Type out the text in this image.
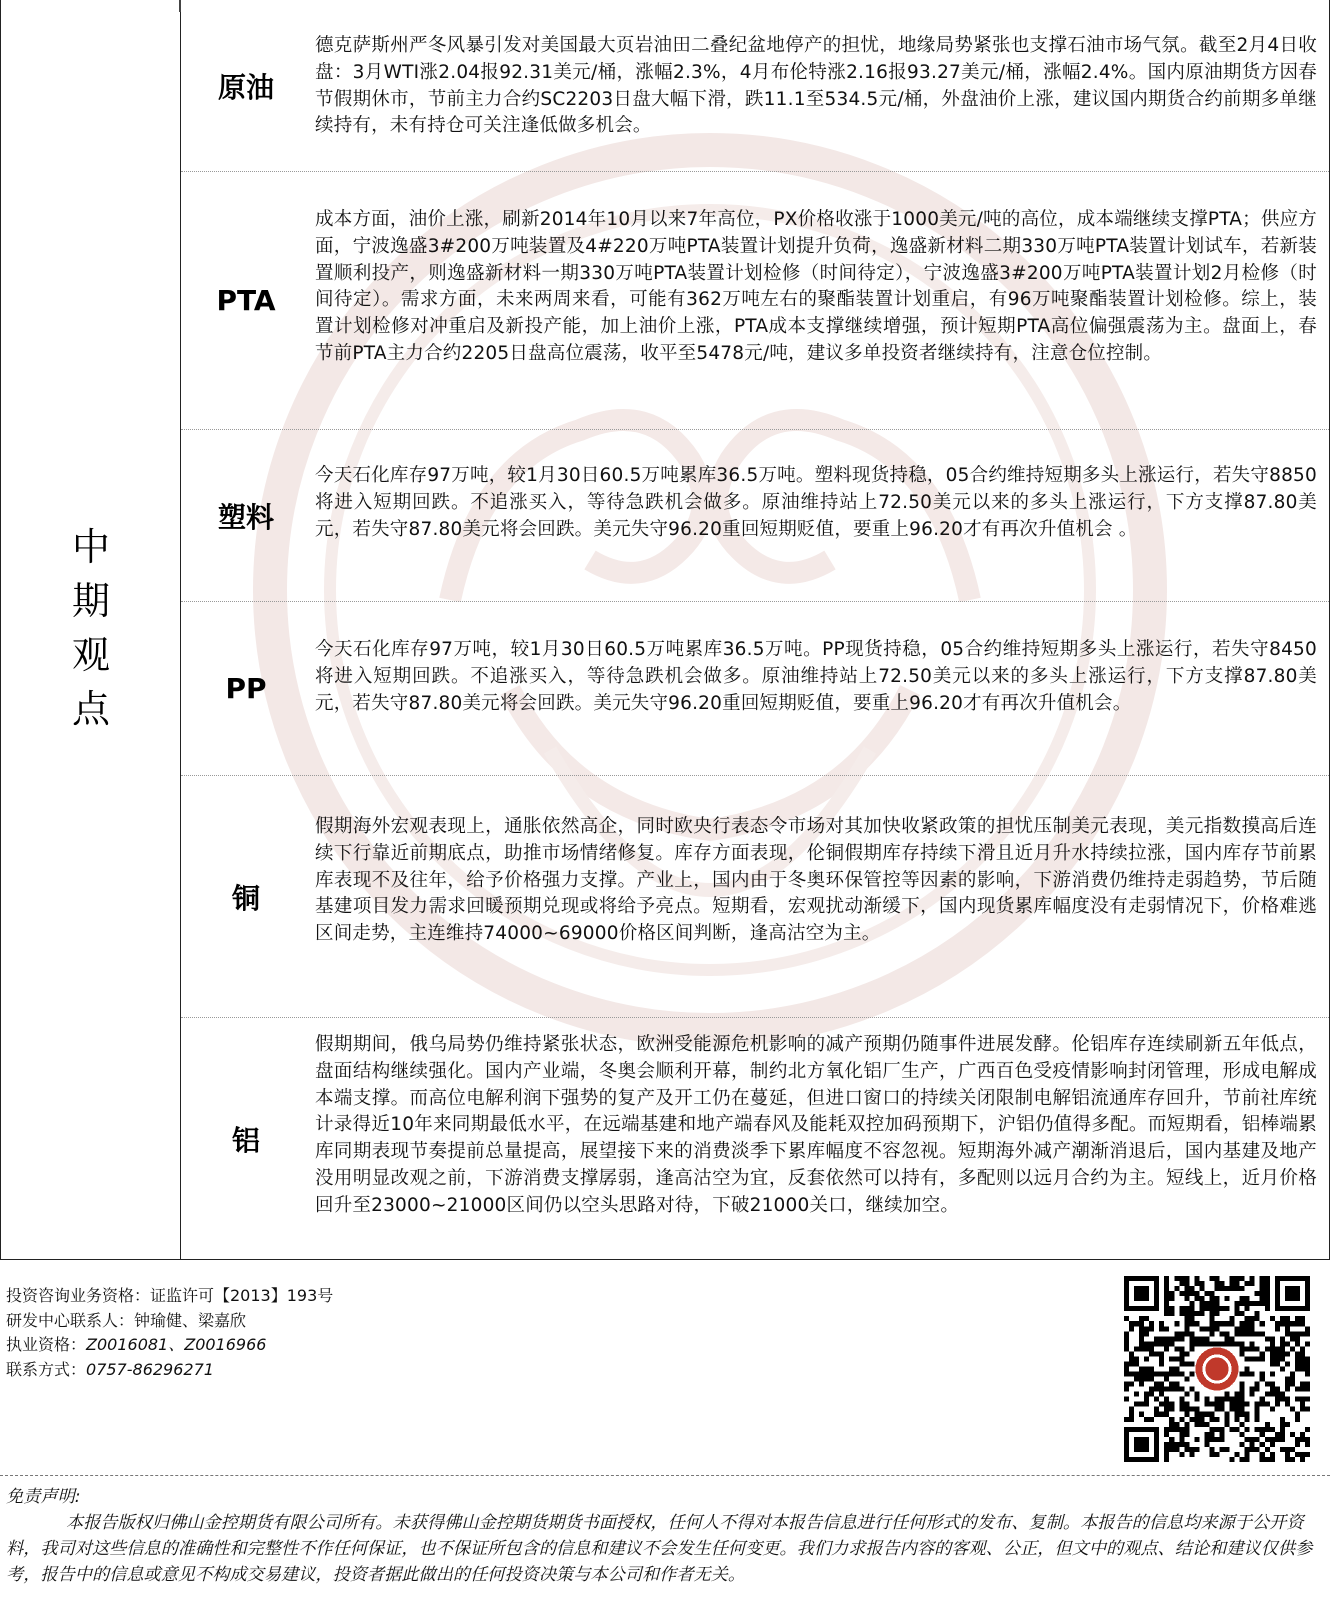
中
期
观
点
原油
德克萨斯州严冬风暴引发对美国最大页岩油田二叠纪盆地停产的担忧，地缘局势紧张也支撑石油市场气氛。截至2月4日收盘：3月WTI涨2.04报92.31美元/桶，涨幅2.3%，4月布伦特涨2.16报93.27美元/桶，涨幅2.4%。国内原油期货方因春节假期休市，节前主力合约SC2203日盘大幅下滑，跌11.1至534.5元/桶，外盘油价上涨，建议国内期货合约前期多单继续持有，未有持仓可关注逢低做多机会。
PTA
成本方面，油价上涨，刷新2014年10月以来7年高位，PX价格收涨于1000美元/吨的高位，成本端继续支撑PTA；供应方面，宁波逸盛3#200万吨装置及4#220万吨PTA装置计划提升负荷，逸盛新材料二期330万吨PTA装置计划试车，若新装置顺利投产，则逸盛新材料一期330万吨PTA装置计划检修（时间待定），宁波逸盛3#200万吨PTA装置计划2月检修（时间待定）。需求方面，未来两周来看，可能有362万吨左右的聚酯装置计划重启，有96万吨聚酯装置计划检修。综上，装置计划检修对冲重启及新投产能，加上油价上涨，PTA成本支撑继续增强，预计短期PTA高位偏强震荡为主。盘面上，春节前PTA主力合约2205日盘高位震荡，收平至5478元/吨，建议多单投资者继续持有，注意仓位控制。
塑料
今天石化库存97万吨，较1月30日60.5万吨累库36.5万吨。塑料现货持稳，05合约维持短期多头上涨运行，若失守8850将进入短期回跌。不追涨买入，等待急跌机会做多。原油维持站上72.50美元以来的多头上涨运行，下方支撑87.80美元，若失守87.80美元将会回跌。美元失守96.20重回短期贬值，要重上96.20才有再次升值机会 。
PP
今天石化库存97万吨，较1月30日60.5万吨累库36.5万吨。PP现货持稳，05合约维持短期多头上涨运行，若失守8450将进入短期回跌。不追涨买入，等待急跌机会做多。原油维持站上72.50美元以来的多头上涨运行，下方支撑87.80美元，若失守87.80美元将会回跌。美元失守96.20重回短期贬值，要重上96.20才有再次升值机会。
铜
假期海外宏观表现上，通胀依然高企，同时欧央行表态令市场对其加快收紧政策的担忧压制美元表现，美元指数摸高后连续下行靠近前期底点，助推市场情绪修复。库存方面表现，伦铜假期库存持续下滑且近月升水持续拉涨，国内库存节前累库表现不及往年，给予价格强力支撑。产业上，国内由于冬奥环保管控等因素的影响，下游消费仍维持走弱趋势，节后随基建项目发力需求回暖预期兑现或将给予亮点。短期看，宏观扰动渐缓下，国内现货累库幅度没有走弱情况下，价格难逃区间走势，主连维持74000~69000价格区间判断，逢高沽空为主。
铝
假期期间，俄乌局势仍维持紧张状态，欧洲受能源危机影响的减产预期仍随事件进展发酵。伦铝库存连续刷新五年低点，盘面结构继续强化。国内产业端，冬奥会顺利开幕，制约北方氧化铝厂生产，广西百色受疫情影响封闭管理，形成电解成本端支撑。而高位电解利润下强势的复产及开工仍在蔓延，但进口窗口的持续关闭限制电解铝流通库存回升，节前社库统计录得近10年来同期最低水平，在远端基建和地产端春风及能耗双控加码预期下，沪铝仍值得多配。而短期看，铝棒端累库同期表现节奏提前总量提高，展望接下来的消费淡季下累库幅度不容忽视。短期海外减产潮渐消退后，国内基建及地产没用明显改观之前，下游消费支撑孱弱，逢高沽空为宜，反套依然可以持有，多配则以远月合约为主。短线上，近月价格回升至23000~21000区间仍以空头思路对待，下破21000关口，继续加空。
投资咨询业务资格：证监许可【2013】193号
研发中心联系人：钟瑜健、梁嘉欣
执业资格：Z0016081、Z0016966
联系方式：0757-86296271
免责声明:
本报告版权归佛山金控期货有限公司所有。未获得佛山金控期货期货书面授权，任何人不得对本报告信息进行任何形式的发布、复制。本报告的信息均来源于公开资料，我司对这些信息的准确性和完整性不作任何保证，也不保证所包含的信息和建议不会发生任何变更。我们力求报告内容的客观、公正，但文中的观点、结论和建议仅供参考，报告中的信息或意见不构成交易建议，投资者据此做出的任何投资决策与本公司和作者无关。
